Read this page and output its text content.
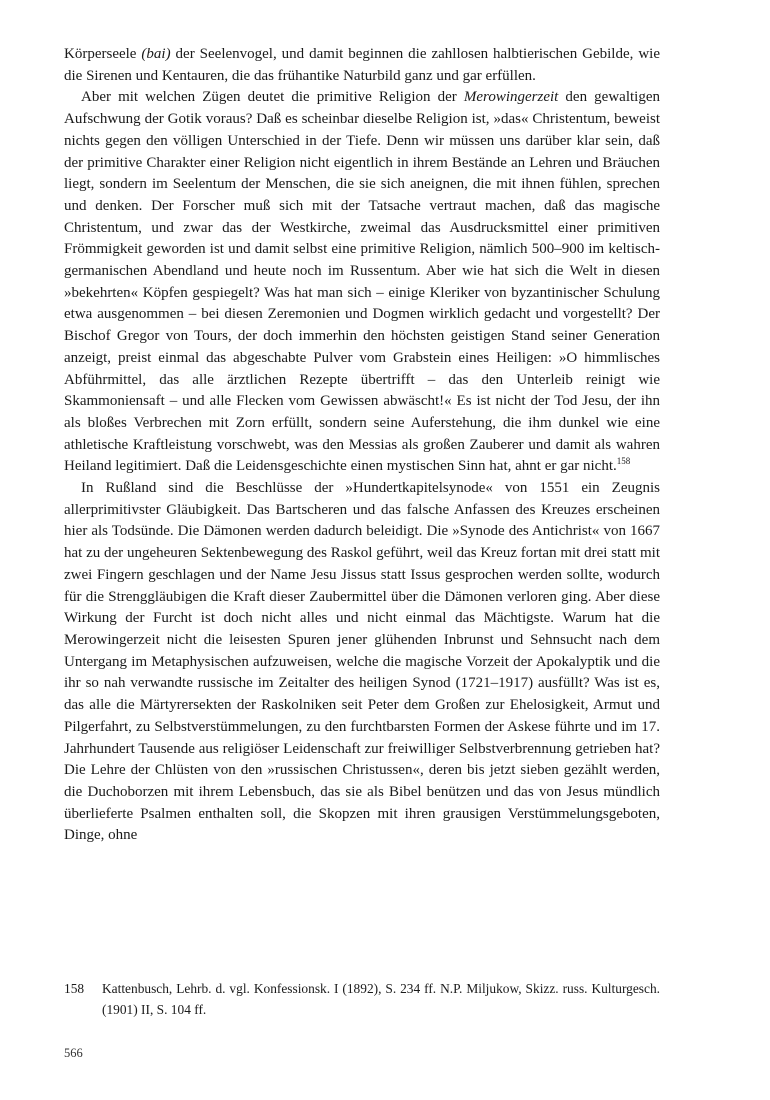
Körperseele (bai) der Seelenvogel, und damit beginnen die zahllosen halbtierischen Gebilde, wie die Sirenen und Kentauren, die das frühantike Naturbild ganz und gar erfüllen.

Aber mit welchen Zügen deutet die primitive Religion der Merowingerzeit den gewaltigen Aufschwung der Gotik voraus? Daß es scheinbar dieselbe Religion ist, »das« Christentum, beweist nichts gegen den völligen Unterschied in der Tiefe. Denn wir müssen uns darüber klar sein, daß der primitive Charakter einer Religion nicht eigentlich in ihrem Bestände an Lehren und Bräuchen liegt, sondern im Seelentum der Menschen, die sie sich aneignen, die mit ihnen fühlen, sprechen und denken. Der Forscher muß sich mit der Tatsache vertraut machen, daß das magische Christentum, und zwar das der Westkirche, zweimal das Ausdrucksmittel einer primitiven Frömmigkeit geworden ist und damit selbst eine primitive Religion, nämlich 500–900 im keltisch-germanischen Abendland und heute noch im Russentum. Aber wie hat sich die Welt in diesen »bekehrten« Köpfen gespiegelt? Was hat man sich – einige Kleriker von byzantinischer Schulung etwa ausgenommen – bei diesen Zeremonien und Dogmen wirklich gedacht und vorgestellt? Der Bischof Gregor von Tours, der doch immerhin den höchsten geistigen Stand seiner Generation anzeigt, preist einmal das abgeschabte Pulver vom Grabstein eines Heiligen: »O himmlisches Abführmittel, das alle ärztlichen Rezepte übertrifft – das den Unterleib reinigt wie Skammoniensaft – und alle Flecken vom Gewissen abwäscht!« Es ist nicht der Tod Jesu, der ihn als bloßes Verbrechen mit Zorn erfüllt, sondern seine Auferstehung, die ihm dunkel wie eine athletische Kraftleistung vorschwebt, was den Messias als großen Zauberer und damit als wahren Heiland legitimiert. Daß die Leidensgeschichte einen mystischen Sinn hat, ahnt er gar nicht.$^{158}$

In Rußland sind die Beschlüsse der »Hundertkapitelsynode« von 1551 ein Zeugnis allerprimitivster Gläubigkeit. Das Bartscheren und das falsche Anfassen des Kreuzes erscheinen hier als Todsünde. Die Dämonen werden dadurch beleidigt. Die »Synode des Antichrist« von 1667 hat zu der ungeheuren Sektenbewegung des Raskol geführt, weil das Kreuz fortan mit drei statt mit zwei Fingern geschlagen und der Name Jesu Jissus statt Issus gesprochen werden sollte, wodurch für die Strenggläubigen die Kraft dieser Zaubermittel über die Dämonen verloren ging. Aber diese Wirkung der Furcht ist doch nicht alles und nicht einmal das Mächtigste. Warum hat die Merowingerzeit nicht die leisesten Spuren jener glühenden Inbrunst und Sehnsucht nach dem Untergang im Metaphysischen aufzuweisen, welche die magische Vorzeit der Apokalyptik und die ihr so nah verwandte russische im Zeitalter des heiligen Synod (1721–1917) ausfüllt? Was ist es, das alle die Märtyrersekten der Raskolniken seit Peter dem Großen zur Ehelosigkeit, Armut und Pilgerfahrt, zu Selbstverstümmelungen, zu den furchtbarsten Formen der Askese führte und im 17. Jahrhundert Tausende aus religiöser Leidenschaft zur freiwilliger Selbstverbrennung getrieben hat? Die Lehre der Chlüsten von den »russischen Christussen«, deren bis jetzt sieben gezählt werden, die Duchoborzen mit ihrem Lebensbuch, das sie als Bibel benützen und das von Jesus mündlich überlieferte Psalmen enthalten soll, die Skopzen mit ihren grausigen Verstümmelungsgeboten, Dinge, ohne

158	Kattenbusch, Lehrb. d. vgl. Konfessionsk. I (1892), S. 234 ff. N.P. Miljukow, Skizz. russ. Kulturgesch. (1901) II, S. 104 ff.
566
